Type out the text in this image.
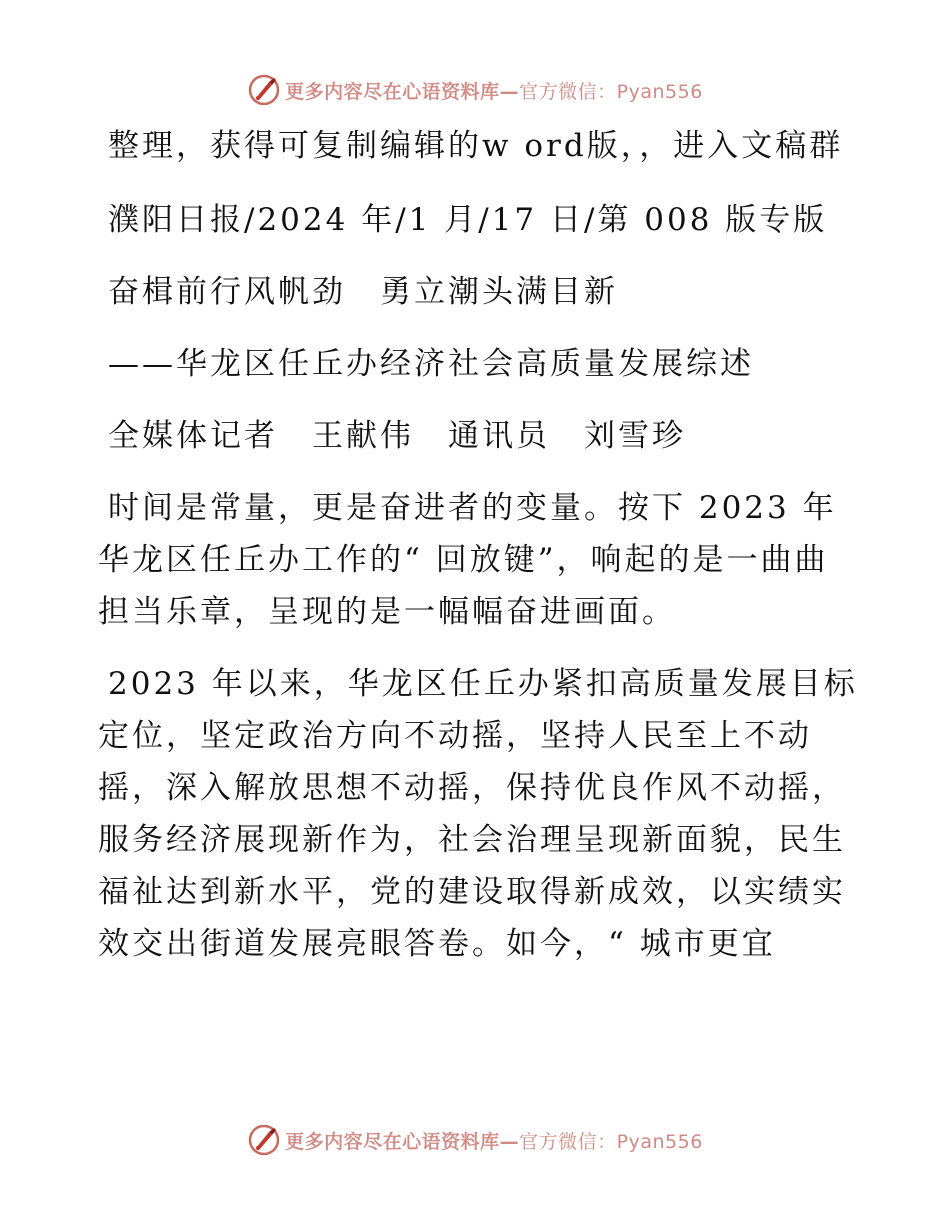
更多内容尽在心语资料库—官方微信：Pyan556

整理，获得可复制编辑的w ord版，，进入文稿群

濮阳日报/2024 年/1 月/17 日/第 008 版专版

奋楫前行风帆劲　勇立潮头满目新

——华龙区任丘办经济社会高质量发展综述

全媒体记者　王献伟　通讯员　刘雪珍

时间是常量，更是奋进者的变量。按下 2023 年华龙区任丘办工作的“ 回放键”，响起的是一曲曲担当乐章，呈现的是一幅幅奋进画面。

2023 年以来，华龙区任丘办紧扣高质量发展目标定位，坚定政治方向不动摇，坚持人民至上不动摇，深入解放思想不动摇，保持优良作风不动摇，服务经济展现新作为，社会治理呈现新面貌，民生福祉达到新水平，党的建设取得新成效，以实绩实效交出街道发展亮眼答卷。如今，“ 城市更宜

更多内容尽在心语资料库—官方微信：Pyan556
